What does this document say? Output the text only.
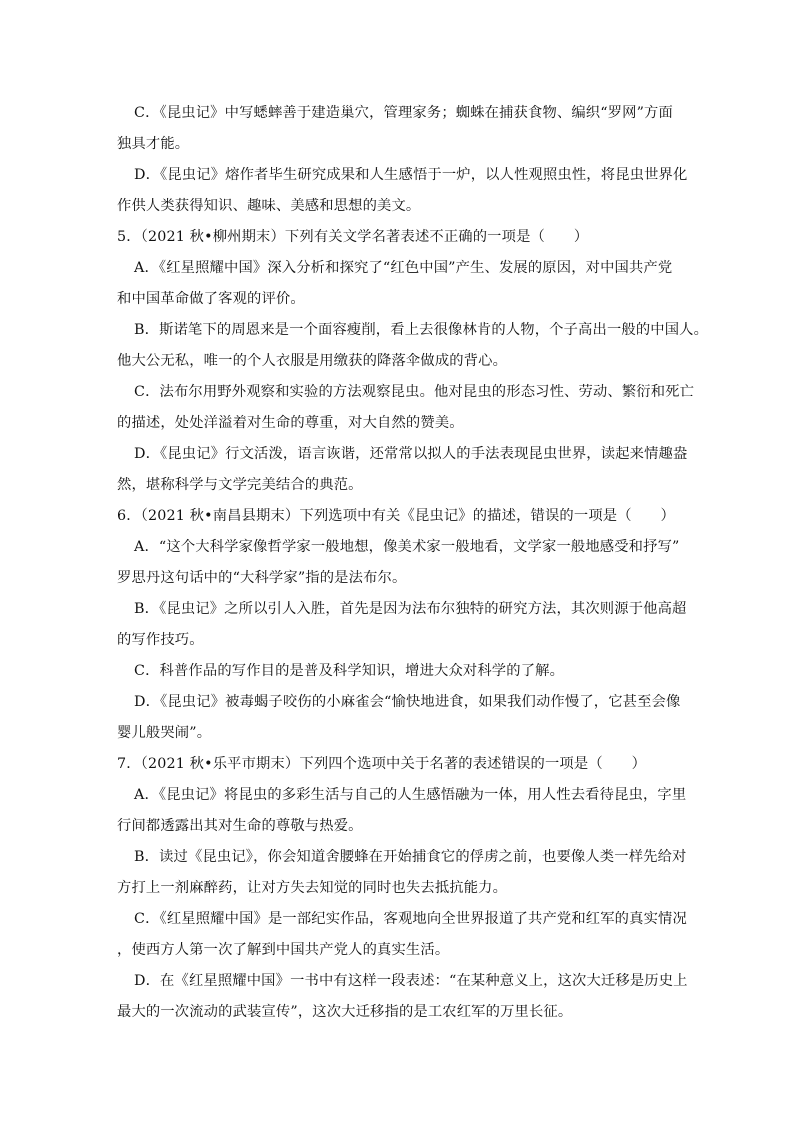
C．《昆虫记》中写蟋蟀善于建造巢穴，管理家务；蜘蛛在捕获食物、编织“罗网”方面
独具才能。
D．《昆虫记》熔作者毕生研究成果和人生感悟于一炉，以人性观照虫性，将昆虫世界化
作供人类获得知识、趣味、美感和思想的美文。
5．（2021 秋•柳州期末）下列有关文学名著表述不正确的一项是（　　）
A．《红星照耀中国》深入分析和探究了“红色中国”产生、发展的原因，对中国共产党
和中国革命做了客观的评价。
B．斯诺笔下的周恩来是一个面容瘦削，看上去很像林肯的人物，个子高出一般的中国人。
他大公无私，唯一的个人衣服是用缴获的降落伞做成的背心。
C．法布尔用野外观察和实验的方法观察昆虫。他对昆虫的形态习性、劳动、繁衍和死亡
的描述，处处洋溢着对生命的尊重，对大自然的赞美。
D．《昆虫记》行文活泼，语言诙谐，还常常以拟人的手法表现昆虫世界，读起来情趣盎
然，堪称科学与文学完美结合的典范。
6．（2021 秋•南昌县期末）下列选项中有关《昆虫记》的描述，错误的一项是（　　）
A．“这个大科学家像哲学家一般地想，像美术家一般地看，文学家一般地感受和抒写”
罗思丹这句话中的“大科学家”指的是法布尔。
B．《昆虫记》之所以引人入胜，首先是因为法布尔独特的研究方法，其次则源于他高超
的写作技巧。
C．科普作品的写作目的是普及科学知识，增进大众对科学的了解。
D．《昆虫记》被毒蝎子咬伤的小麻雀会“愉快地进食，如果我们动作慢了，它甚至会像
婴儿般哭闹”。
7．（2021 秋•乐平市期末）下列四个选项中关于名著的表述错误的一项是（　　）
A．《昆虫记》将昆虫的多彩生活与自己的人生感悟融为一体，用人性去看待昆虫，字里
行间都透露出其对生命的尊敬与热爱。
B．读过《昆虫记》，你会知道舍腰蜂在开始捕食它的俘虏之前，也要像人类一样先给对
方打上一剂麻醉药，让对方失去知觉的同时也失去抵抗能力。
C．《红星照耀中国》是一部纪实作品，客观地向全世界报道了共产党和红军的真实情况
，使西方人第一次了解到中国共产党人的真实生活。
D．在《红星照耀中国》一书中有这样一段表述：“在某种意义上，这次大迁移是历史上
最大的一次流动的武装宣传”，这次大迁移指的是工农红军的万里长征。
